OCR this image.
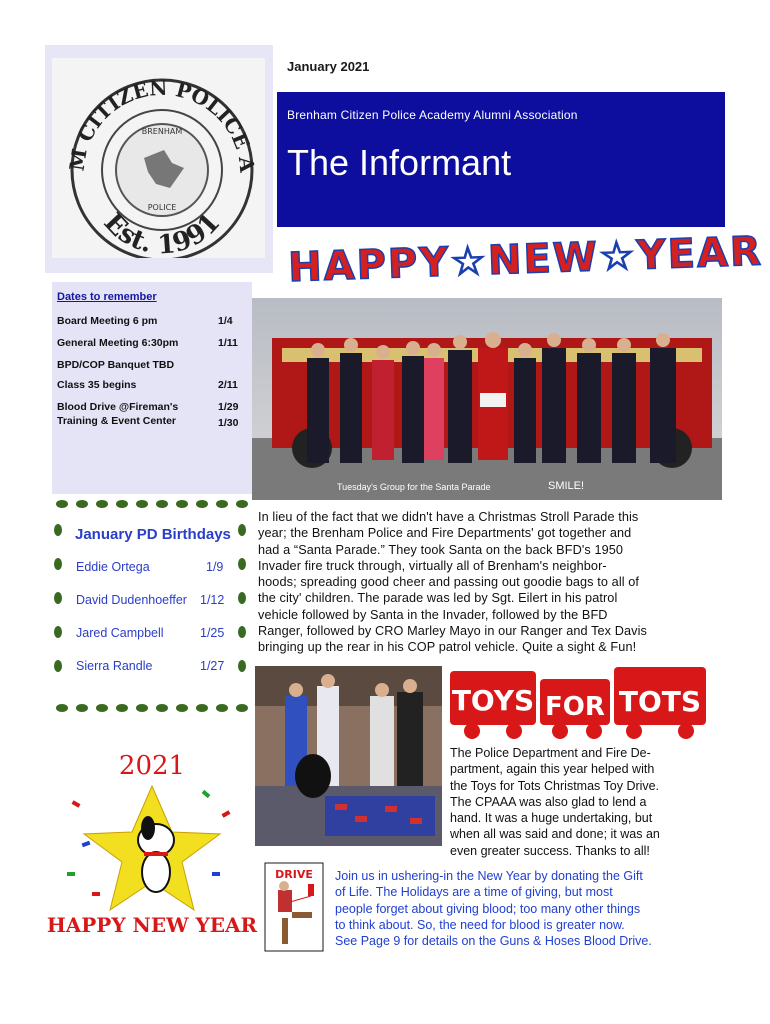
M CITIZEN POLICE A
Est. 1991
BRENHAM
POLICE
January 2021
Brenham Citizen Police Academy Alumni Association
The Informant
HAPPY☆NEW☆YEAR
Dates to remember
Board Meeting 6 pm	1/4
General Meeting 6:30pm	1/11
BPD/COP Banquet TBD
Class 35 begins	2/11
Blood Drive @Fireman's	1/29
Training & Event Center	1/30
Tuesday's Group for the Santa Parade	SMILE!
January PD Birthdays
Eddie Ortega	1/9
David Dudenhoeffer 1/12
Jared Campbell	1/25
Sierra Randle	1/27

In lieu of the fact that we didn't have a Christmas Stroll Parade this

year; the Brenham Police and Fire Departments' got together and

had a “Santa Parade.” They took Santa on the back BFD's 1950

Invader fire truck through, virtually all of Brenham's neighbor-

hoods; spreading good cheer and passing out goodie bags to all of

the city' children. The parade was led by Sgt. Eilert in his patrol

vehicle followed by Santa in the Invader, followed by the BFD

Ranger, followed by CRO Marley Mayo in our Ranger and Tex Davis

bringing up the rear in his COP patrol vehicle. Quite a sight & Fun!

TOYS FOR TOTS

The Police Department and Fire De-

partment, again this year helped with

the Toys for Tots Christmas Toy Drive.

The CPAAA was also glad to lend a

hand. It was a huge undertaking, but

when all was said and done; it was an

even greater success. Thanks to all!

2021
HAPPY NEW YEAR
DRIVE Join us in ushering-in the New Year by donating the Gift

of Life. The Holidays are a time of giving, but most

people forget about giving blood; too many other things

to think about. So, the need for blood is greater now.

See Page 9 for details on the Guns & Hoses Blood Drive.
